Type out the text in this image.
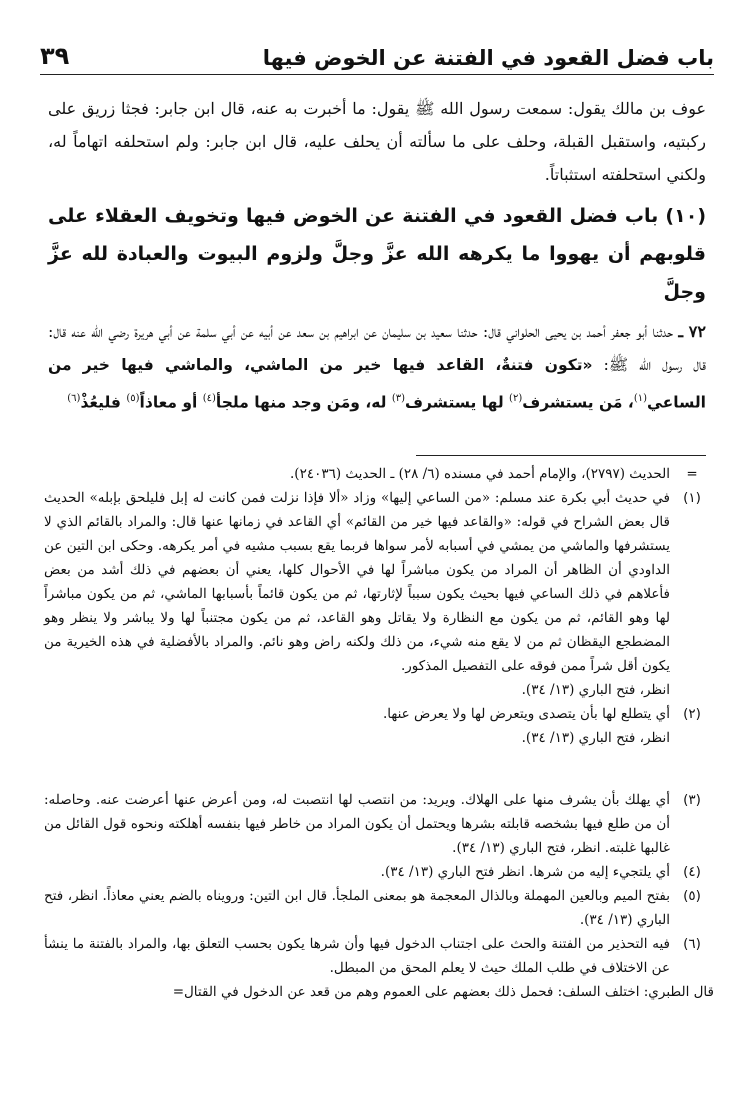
باب فضل القعود في الفتنة عن الخوض فيها
٣٩

عوف بن مالك يقول: سمعت رسول الله ﷺ يقول: ما أخبرت به عنه، قال ابن جابر: فجثا زريق على ركبتيه، واستقبل القبلة، وحلف على ما سألته أن يحلف عليه، قال ابن جابر: ولم استحلفه اتهاماً له، ولكني استحلفته استثباتاً.

(١٠) باب فضل القعود في الفتنة عن الخوض فيها وتخويف العقلاء على قلوبهم أن يهووا ما يكرهه الله عزَّ وجلَّ ولزوم البيوت والعبادة لله عزَّ وجلَّ

٧٢ ـ حدثنا أبو جعفر أحمد بن يحيى الحلواني قال: حدثنا سعيد بن سليمان عن ابراهيم بن سعد عن أبيه عن أبي سلمة عن أبي هريرة رضي الله عنه قال: قال رسول الله ﷺ: «تكون فتنةٌ، القاعد فيها خير من الماشي، والماشي فيها خير من الساعي$^{(١)}$، مَن يستشرف$^{(٢)}$ لها يستشرف$^{(٣)}$ له، ومَن وجد منها ملجأ$^{(٤)}$ أو معاذاً$^{(٥)}$ فليعُذْ$^{(٦)}$

=
الحديث (٢٧٩٧)، والإمام أحمد في مسنده (٦/ ٢٨) ـ الحديث (٢٤٠٣٦).
(١)
في حديث أبي بكرة عند مسلم: «من الساعي إليها» وزاد «ألا فإذا نزلت فمن كانت له إبل فليلحق بإبله» الحديث قال بعض الشراح في قوله: «والقاعد فيها خير من القائم» أي القاعد في زمانها عنها قال: والمراد بالقائم الذي لا يستشرفها والماشي من يمشي في أسبابه لأمر سواها فربما يقع بسبب مشيه في أمر يكرهه. وحكى ابن التين عن الداودي أن الظاهر أن المراد من يكون مباشراً لها في الأحوال كلها، يعني أن بعضهم في ذلك أشد من بعض فأعلاهم في ذلك الساعي فيها بحيث يكون سبباً لإثارتها، ثم من يكون قائماً بأسبابها الماشي، ثم من يكون مباشراً لها وهو القائم، ثم من يكون مع النظارة ولا يقاتل وهو القاعد، ثم من يكون مجتنباً لها ولا يباشر ولا ينظر وهو المضطجع اليقظان ثم من لا يقع منه شيء، من ذلك ولكنه راض وهو نائم. والمراد بالأفضلية في هذه الخيرية من يكون أقل شراً ممن فوقه على التفصيل المذكور.
انظر، فتح الباري (١٣/ ٣٤).
(٢)
أي يتطلع لها بأن يتصدى ويتعرض لها ولا يعرض عنها.
انظر، فتح الباري (١٣/ ٣٤).
(٣)
أي يهلك بأن يشرف منها على الهلاك. ويريد: من انتصب لها انتصبت له، ومن أعرض عنها أعرضت عنه. وحاصله: أن من طلع فيها بشخصه قابلته بشرها ويحتمل أن يكون المراد من خاطر فيها بنفسه أهلكته ونحوه قول القائل من غالبها غلبته. انظر، فتح الباري (١٣/ ٣٤).
(٤)
أي يلتجيء إليه من شرها. انظر فتح الباري (١٣/ ٣٤).
(٥)
بفتح الميم وبالعين المهملة وبالذال المعجمة هو بمعنى الملجأ. قال ابن التين: ورويناه بالضم يعني معاذاً. انظر، فتح الباري (١٣/ ٣٤).
(٦)
فيه التحذير من الفتنة والحث على اجتناب الدخول فيها وأن شرها يكون بحسب التعلق بها، والمراد بالفتنة ما ينشأ عن الاختلاف في طلب الملك حيث لا يعلم المحق من المبطل.
قال الطبري: اختلف السلف: فحمل ذلك بعضهم على العموم وهم من قعد عن الدخول في القتال=
